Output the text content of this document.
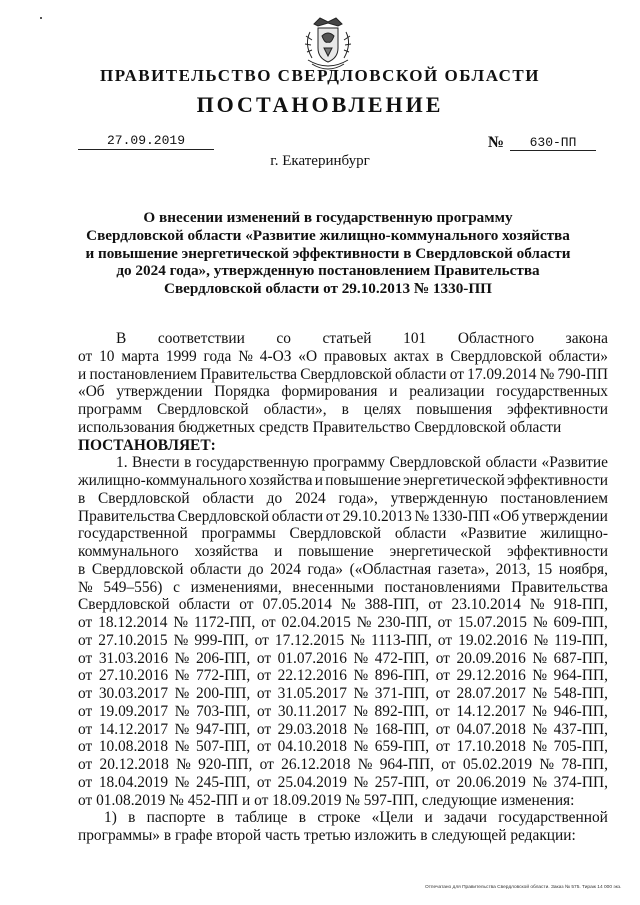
ПРАВИТЕЛЬСТВО СВЕРДЛОВСКОЙ ОБЛАСТИ
ПОСТАНОВЛЕНИЕ
27.09.2019	№	630-ПП
г. Екатеринбург
О внесении изменений в государственную программу
Свердловской области «Развитие жилищно-коммунального хозяйства
и повышение энергетической эффективности в Свердловской области
до 2024 года», утвержденную постановлением Правительства
Свердловской области от 29.10.2013 № 1330-ПП
В соответствии со статьей 101 Областного закона
от 10 марта 1999 года № 4-ОЗ «О правовых актах в Свердловской области»
и постановлением Правительства Свердловской области от 17.09.2014 № 790-ПП
«Об утверждении Порядка формирования и реализации государственных
программ Свердловской области», в целях повышения эффективности
использования бюджетных средств Правительство Свердловской области
ПОСТАНОВЛЯЕТ:
1. Внести в государственную программу Свердловской области «Развитие
жилищно-коммунального хозяйства и повышение энергетической эффективности
в Свердловской области до 2024 года», утвержденную постановлением
Правительства Свердловской области от 29.10.2013 № 1330-ПП «Об утверждении
государственной программы Свердловской области «Развитие жилищно-
коммунального хозяйства и повышение энергетической эффективности
в Свердловской области до 2024 года» («Областная газета», 2013, 15 ноября,
№ 549–556) с изменениями, внесенными постановлениями Правительства
Свердловской области от 07.05.2014 № 388-ПП, от 23.10.2014 № 918-ПП,
от 18.12.2014 № 1172-ПП, от 02.04.2015 № 230-ПП, от 15.07.2015 № 609-ПП,
от 27.10.2015 № 999-ПП, от 17.12.2015 № 1113-ПП, от 19.02.2016 № 119-ПП,
от 31.03.2016 № 206-ПП, от 01.07.2016 № 472-ПП, от 20.09.2016 № 687-ПП,
от 27.10.2016 № 772-ПП, от 22.12.2016 № 896-ПП, от 29.12.2016 № 964-ПП,
от 30.03.2017 № 200-ПП, от 31.05.2017 № 371-ПП, от 28.07.2017 № 548-ПП,
от 19.09.2017 № 703-ПП, от 30.11.2017 № 892-ПП, от 14.12.2017 № 946-ПП,
от 14.12.2017 № 947-ПП, от 29.03.2018 № 168-ПП, от 04.07.2018 № 437-ПП,
от 10.08.2018 № 507-ПП, от 04.10.2018 № 659-ПП, от 17.10.2018 № 705-ПП,
от 20.12.2018 № 920-ПП, от 26.12.2018 № 964-ПП, от 05.02.2019 № 78-ПП,
от 18.04.2019 № 245-ПП, от 25.04.2019 № 257-ПП, от 20.06.2019 № 374-ПП,
от 01.08.2019 № 452-ПП и от 18.09.2019 № 597-ПП, следующие изменения:
1) в паспорте в таблице в строке «Цели и задачи государственной
программы» в графе второй часть третью изложить в следующей редакции:
Отпечатано для Правительства Свердловской области. Заказ № 575. Тираж 14 000 экз.
